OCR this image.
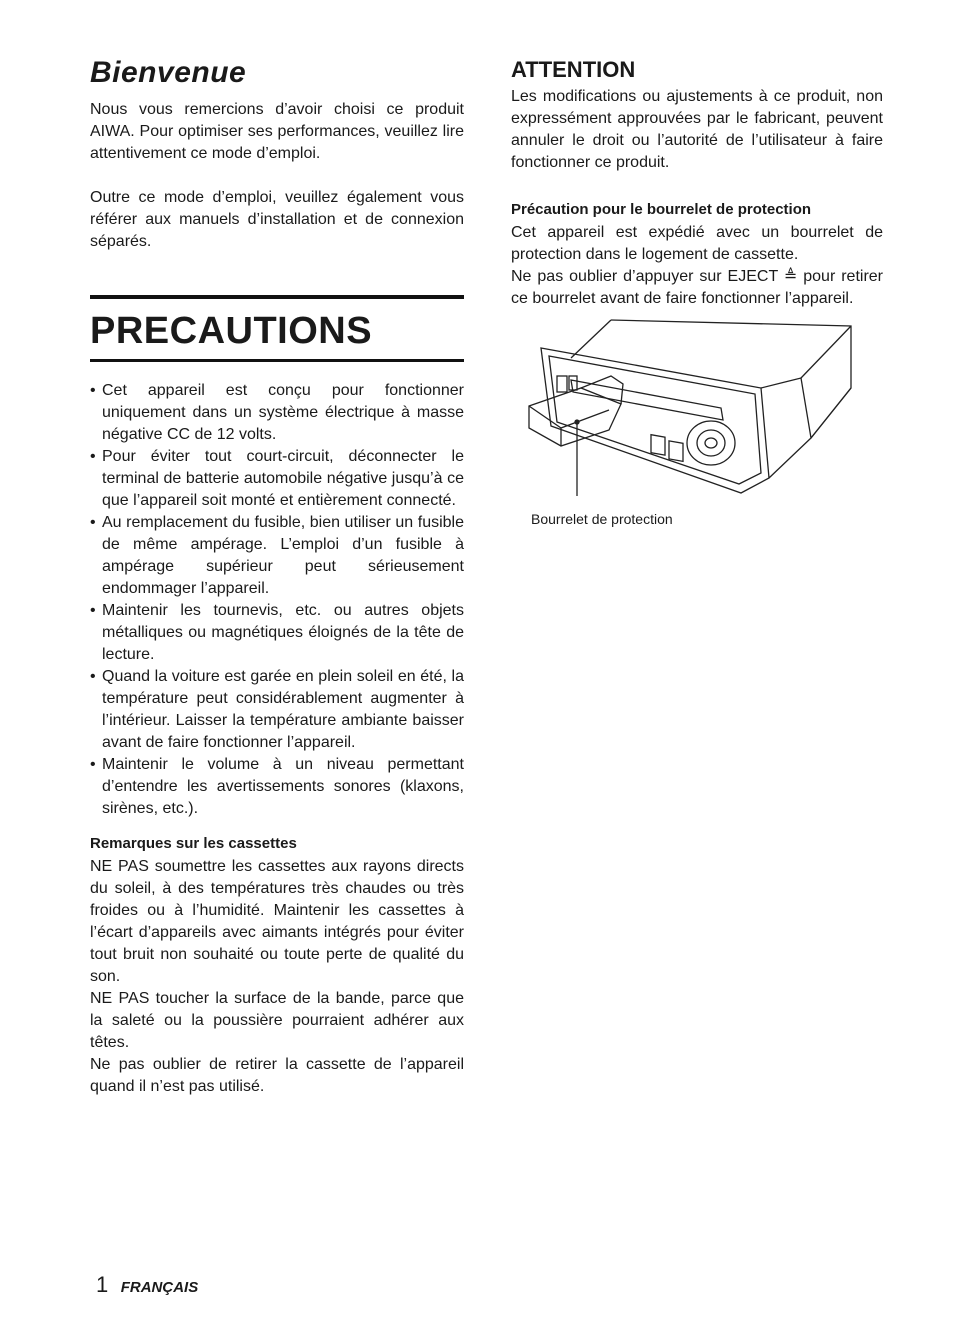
Bienvenue

Nous vous remercions d’avoir choisi ce produit AIWA. Pour optimiser ses performances, veuillez lire attentivement ce mode d’emploi.

Outre ce mode d’emploi, veuillez également vous référer aux manuels d’installation et de connexion séparés.

PRECAUTIONS
• Cet appareil est conçu pour fonctionner uniquement dans un système électrique à masse négative CC de 12 volts.
• Pour éviter tout court-circuit, déconnecter le terminal de batterie automobile négative jusqu’à ce que l’appareil soit monté et entièrement connecté.
• Au remplacement du fusible, bien utiliser un fusible de même ampérage. L’emploi d’un fusible à ampérage supérieur peut sérieusement endommager l’appareil.
• Maintenir les tournevis, etc. ou autres objets métalliques ou magnétiques éloignés de la tête de lecture.
• Quand la voiture est garée en plein soleil en été, la température peut considérablement augmenter à l’intérieur. Laisser la température ambiante baisser avant de faire fonctionner l’appareil.
• Maintenir le volume à un niveau permettant d’entendre les avertissements sonores (klaxons, sirènes, etc.).
Remarques sur les cassettes

NE PAS soumettre les cassettes aux rayons directs du soleil, à des températures très chaudes ou très froides ou à l’humidité. Maintenir les cassettes à l’écart d’appareils avec aimants intégrés pour éviter tout bruit non souhaité ou toute perte de qualité du son.

NE PAS toucher la surface de la bande, parce que la saleté ou la poussière pourraient adhérer aux têtes.

Ne pas oublier de retirer la cassette de l’appareil quand il n’est pas utilisé.

ATTENTION

Les modifications ou ajustements à ce produit, non expressément approuvées par le fabricant, peuvent annuler le droit ou l’autorité de l’utilisateur à faire fonctionner ce produit.

Précaution pour le bourrelet de protection

Cet appareil est expédié avec un bourrelet de protection dans le logement de cassette.

Ne pas oublier d’appuyer sur EJECT ≜ pour retirer ce bourrelet avant de faire fonctionner l’appareil.

Bourrelet de protection
1 FRANÇAIS
